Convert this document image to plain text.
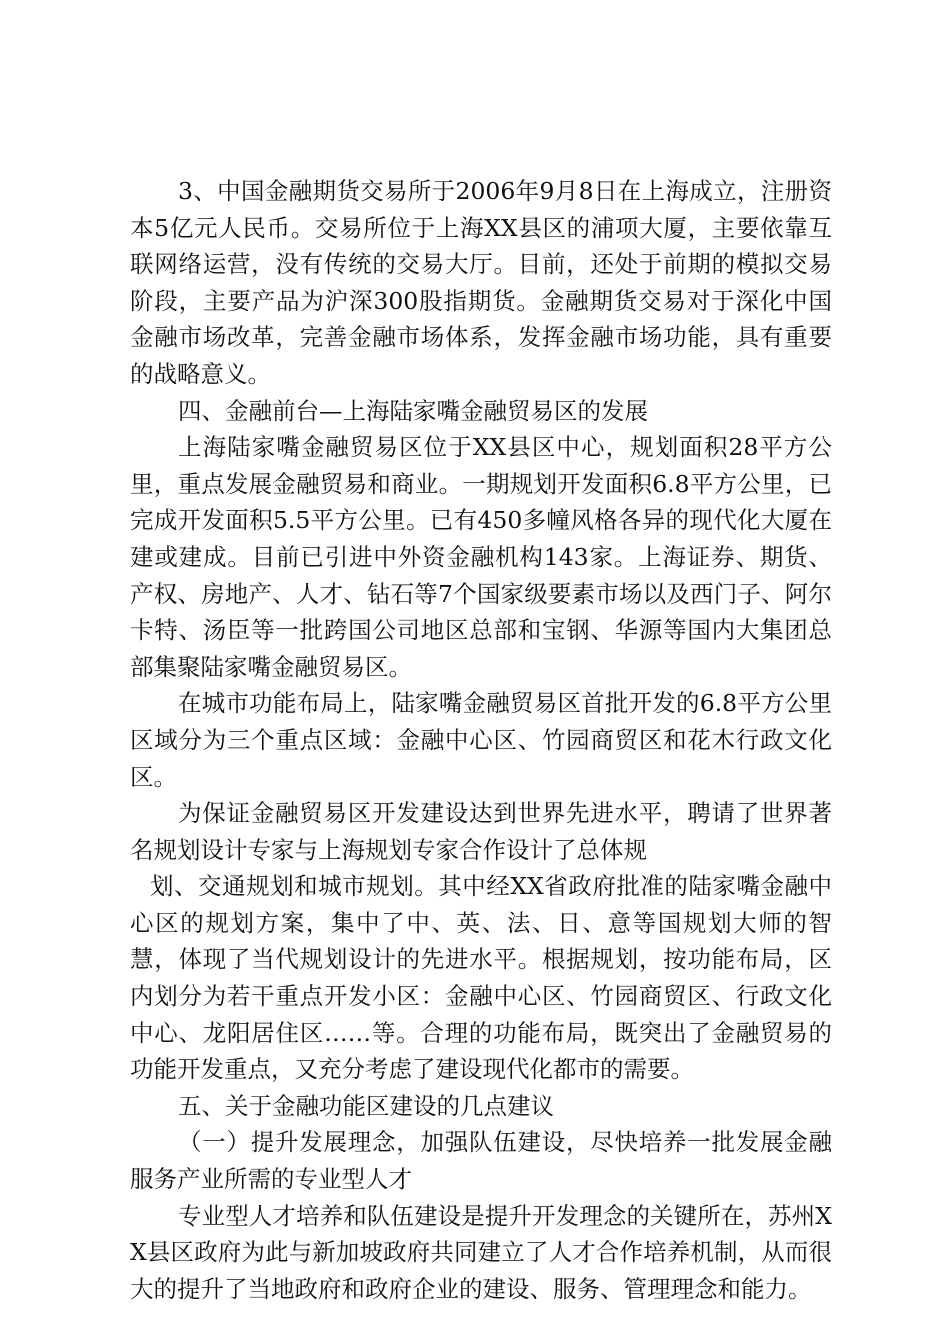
3、中国金融期货交易所于2006年9月8日在上海成立，注册资本5亿元人民币。交易所位于上海XX县区的浦项大厦，主要依靠互联网络运营，没有传统的交易大厅。目前，还处于前期的模拟交易阶段，主要产品为沪深300股指期货。金融期货交易对于深化中国金融市场改革，完善金融市场体系，发挥金融市场功能，具有重要的战略意义。

四、金融前台—上海陆家嘴金融贸易区的发展

上海陆家嘴金融贸易区位于XX县区中心，规划面积28平方公里，重点发展金融贸易和商业。一期规划开发面积6.8平方公里，已完成开发面积5.5平方公里。已有450多幢风格各异的现代化大厦在建或建成。目前已引进中外资金融机构143家。上海证券、期货、产权、房地产、人才、钻石等7个国家级要素市场以及西门子、阿尔卡特、汤臣等一批跨国公司地区总部和宝钢、华源等国内大集团总部集聚陆家嘴金融贸易区。

在城市功能布局上，陆家嘴金融贸易区首批开发的6.8平方公里区域分为三个重点区域：金融中心区、竹园商贸区和花木行政文化区。

为保证金融贸易区开发建设达到世界先进水平，聘请了世界著名规划设计专家与上海规划专家合作设计了总体规

划、交通规划和城市规划。其中经XX省政府批准的陆家嘴金融中心区的规划方案，集中了中、英、法、日、意等国规划大师的智慧，体现了当代规划设计的先进水平。根据规划，按功能布局，区内划分为若干重点开发小区：金融中心区、竹园商贸区、行政文化中心、龙阳居住区……等。合理的功能布局，既突出了金融贸易的功能开发重点，又充分考虑了建设现代化都市的需要。

五、关于金融功能区建设的几点建议

（一）提升发展理念，加强队伍建设，尽快培养一批发展金融服务产业所需的专业型人才

专业型人才培养和队伍建设是提升开发理念的关键所在，苏州XX县区政府为此与新加坡政府共同建立了人才合作培养机制，从而很大的提升了当地政府和政府企业的建设、服务、管理理念和能力。
